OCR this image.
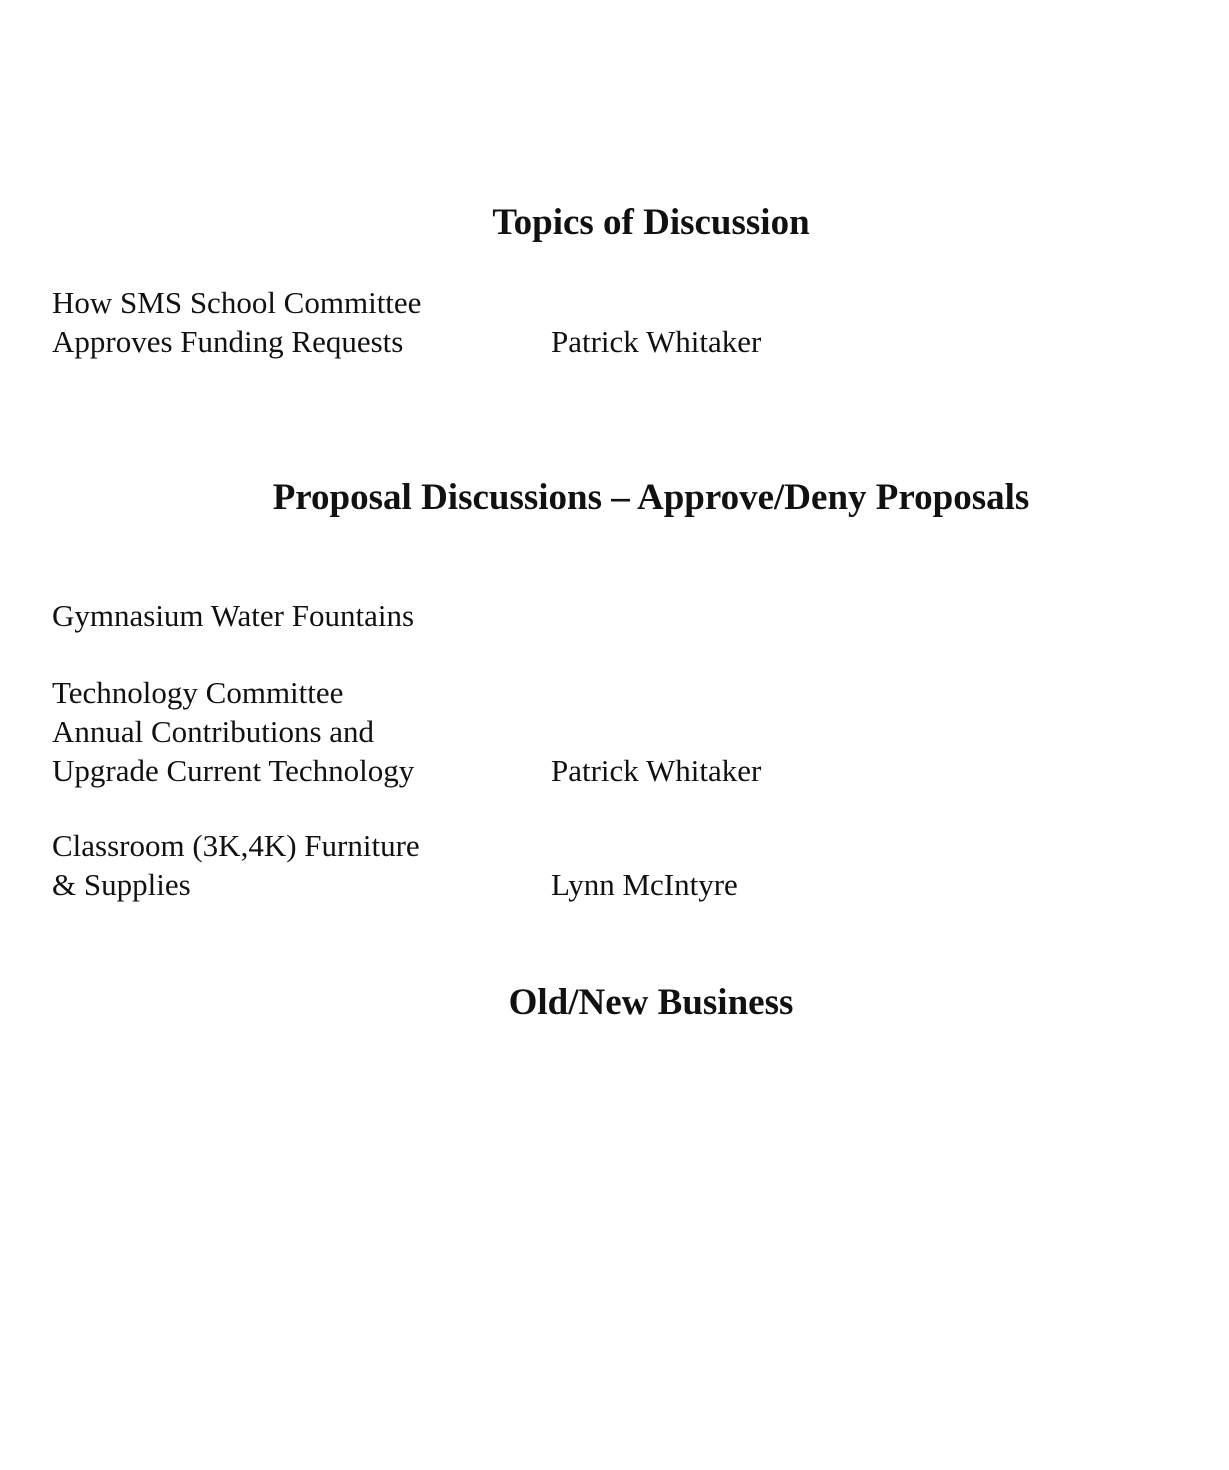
Topics of Discussion
How SMS School Committee
Approves Funding Requests	Patrick Whitaker
Proposal Discussions – Approve/Deny Proposals
Gymnasium Water Fountains
Technology Committee
Annual Contributions and
Upgrade Current Technology	Patrick Whitaker
Classroom (3K,4K) Furniture
& Supplies	Lynn McIntyre
Old/New Business
